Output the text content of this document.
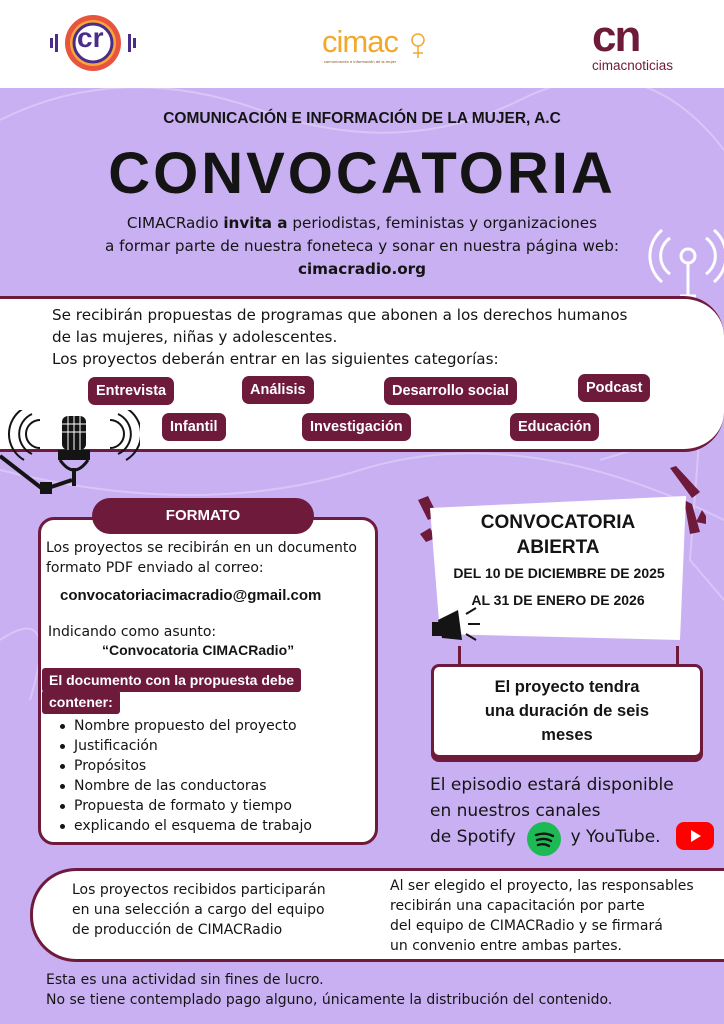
cr	cimac
comunicación e información de la mujer
cn
cimacnoticias
COMUNICACIÓN E INFORMACIÓN DE LA MUJER, A.C
CONVOCATORIA
CIMACRadio invita a periodistas, feministas y organizaciones
a formar parte de nuestra foneteca y sonar en nuestra página web:
cimacradio.org
Se recibirán propuestas de programas que abonen a los derechos humanos
de las mujeres, niñas y adolescentes.
Los proyectos deberán entrar en las siguientes categorías:
Entrevista	Análisis	Desarrollo social	Podcast
Infantil	Investigación	Educación
FORMATO
Los proyectos se recibirán en un documento
formato PDF enviado al correo:
convocatoriacimacradio@gmail.com
Indicando como asunto:
“Convocatoria CIMACRadio”
El documento con la propuesta debe
contener:
Nombre propuesto del proyecto
Justificación
Propósitos
Nombre de las conductoras
Propuesta de formato y tiempo
explicando el esquema de trabajo
CONVOCATORIA
ABIERTA
DEL 10 DE DICIEMBRE DE 2025
AL 31 DE ENERO DE 2026
El proyecto tendra
una duración de seis
meses
El episodio estará disponible
en nuestros canales
de Spotify	y YouTube.
Los proyectos recibidos participarán
en una selección a cargo del equipo
de producción de CIMACRadio
Al ser elegido el proyecto, las responsables
recibirán una capacitación por parte
del equipo de CIMACRadio y se firmará
un convenio entre ambas partes.
Esta es una actividad sin fines de lucro.
No se tiene contemplado pago alguno, únicamente la distribución del contenido.
